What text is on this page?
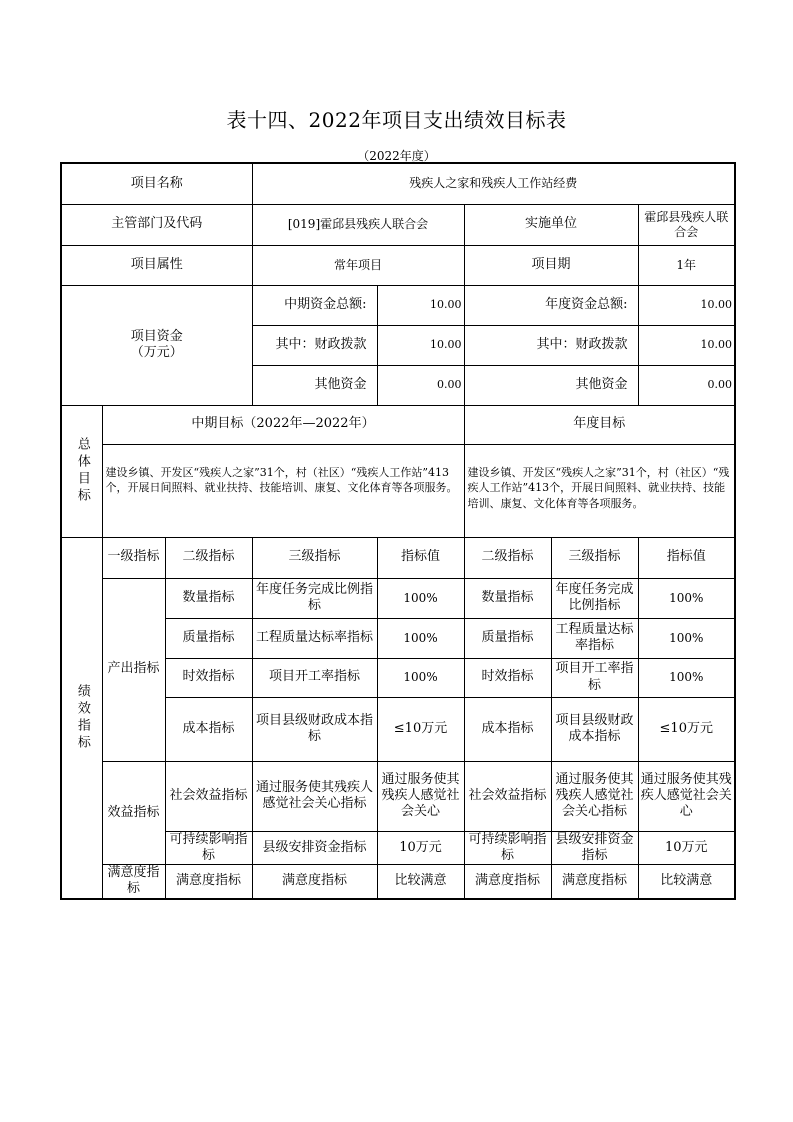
表十四、2022年项目支出绩效目标表
（2022年度）
项目名称			残疾人之家和残疾人工作站经费				
主管部门及代码			[019]霍邱县残疾人联合会		实施单位		霍邱县残疾人联合会
项目属性			常年项目		项目期		1年

项目资金
（万元）			中期资金总额:	10.00	年度资金总额:		10.00
			其中：财政拨款	10.00	其中：财政拨款		10.00
			其他资金	0.00	其他资金		0.00

总体目标	中期目标（2022年—2022年）				年度目标		
	建设乡镇、开发区“残疾人之家”31个，村（社区）“残疾人工作站”413个，开展日间照料、就业扶持、技能培训、康复、文化体育等各项服务。				建设乡镇、开发区“残疾人之家”31个，村（社区）“残疾人工作站”413个，开展日间照料、就业扶持、技能培训、康复、文化体育等各项服务。		

绩效指标	一级指标	二级指标	三级指标	指标值	二级指标	三级指标	指标值
	产出指标	数量指标	年度任务完成比例指标	100%	数量指标	年度任务完成比例指标	100%
		质量指标	工程质量达标率指标	100%	质量指标	工程质量达标率指标	100%
		时效指标	项目开工率指标	100%	时效指标	项目开工率指标	100%
		成本指标	项目县级财政成本指标	≤10万元	成本指标	项目县级财政成本指标	≤10万元
	效益指标	社会效益指标	通过服务使其残疾人感觉社会关心指标	通过服务使其残疾人感觉社会关心	社会效益指标	通过服务使其残疾人感觉社会关心指标	通过服务使其残疾人感觉社会关心
		可持续影响指标	县级安排资金指标	10万元	可持续影响指标	县级安排资金指标	10万元
	满意度指标	满意度指标	满意度指标	比较满意	满意度指标	满意度指标	比较满意
